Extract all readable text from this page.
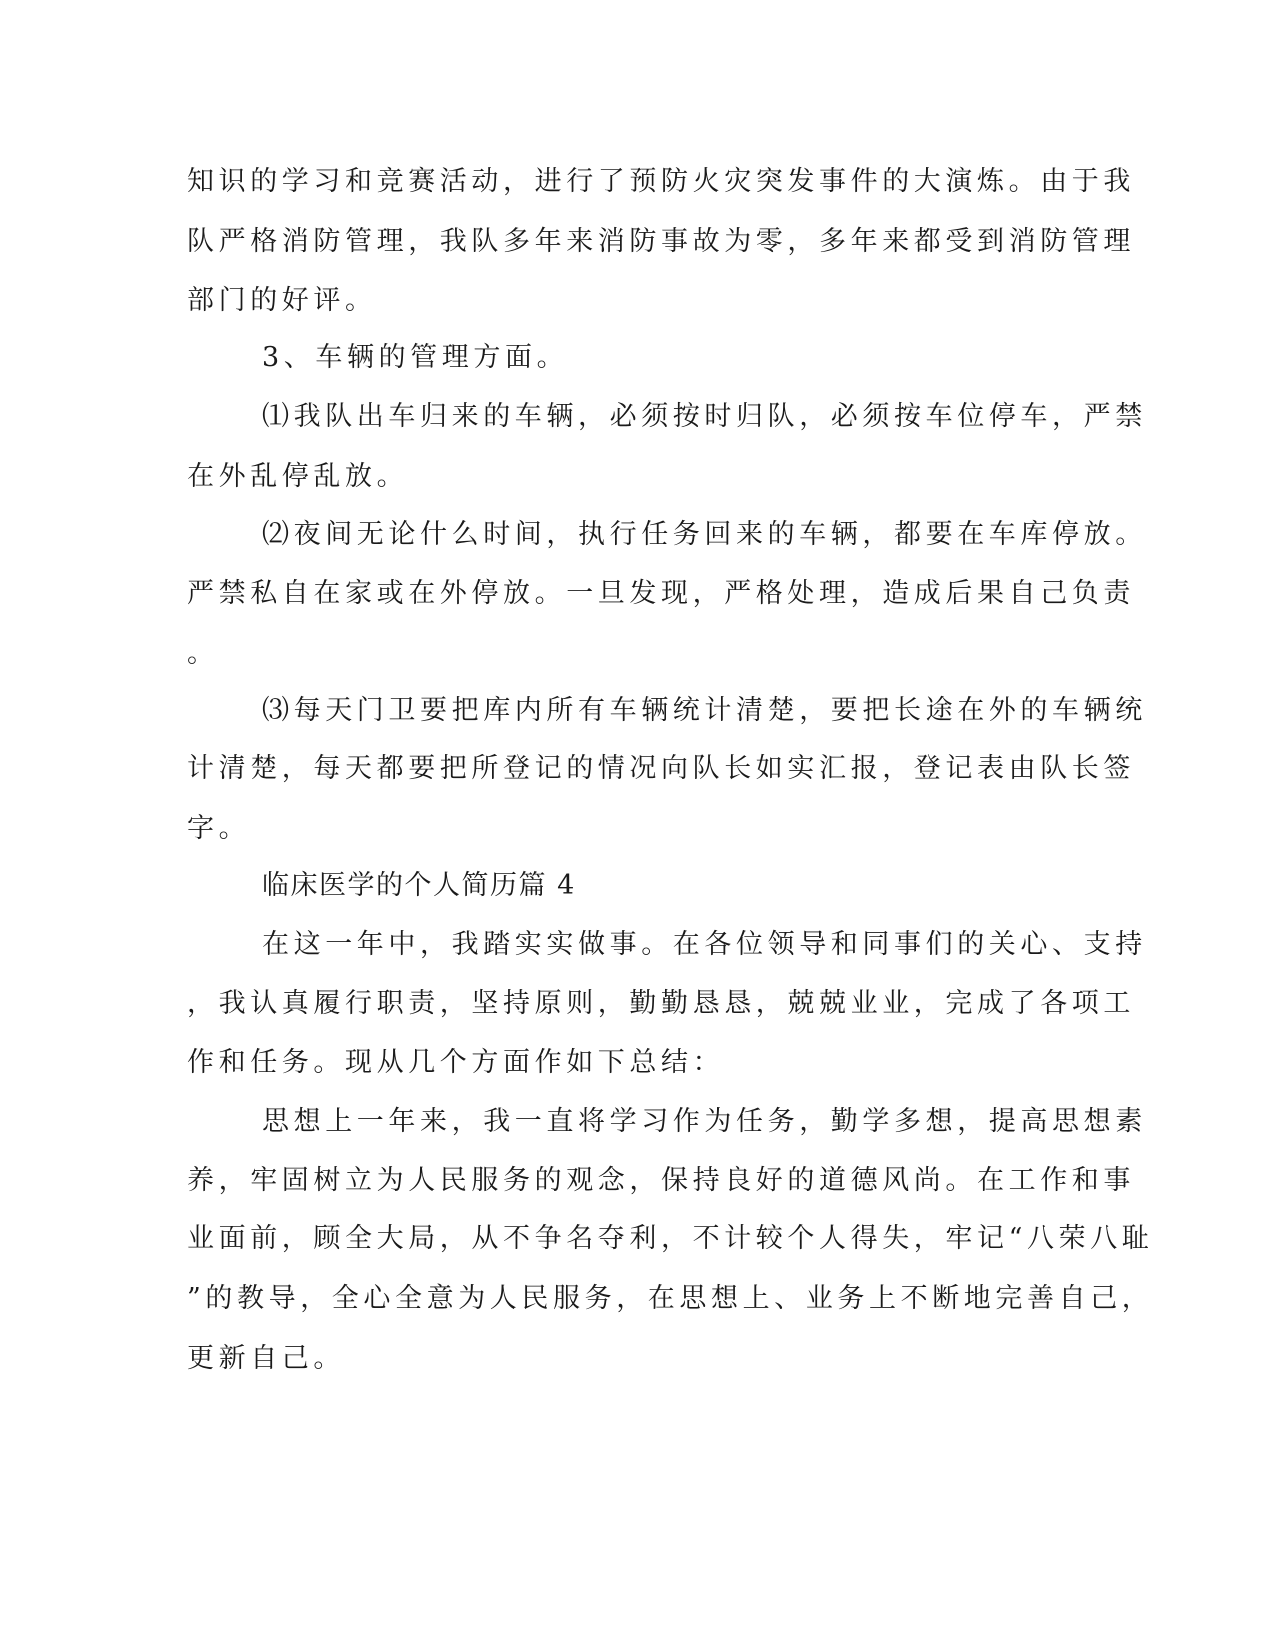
知识的学习和竞赛活动，进行了预防火灾突发事件的大演炼。由于我
队严格消防管理，我队多年来消防事故为零，多年来都受到消防管理
部门的好评。
3、车辆的管理方面。
⑴我队出车归来的车辆，必须按时归队，必须按车位停车，严禁
在外乱停乱放。
⑵夜间无论什么时间，执行任务回来的车辆，都要在车库停放。
严禁私自在家或在外停放。一旦发现，严格处理，造成后果自己负责
。
⑶每天门卫要把库内所有车辆统计清楚，要把长途在外的车辆统
计清楚，每天都要把所登记的情况向队长如实汇报，登记表由队长签
字。
临床医学的个人简历篇 4
在这一年中，我踏实实做事。在各位领导和同事们的关心、支持
，我认真履行职责，坚持原则，勤勤恳恳，兢兢业业，完成了各项工
作和任务。现从几个方面作如下总结：
思想上一年来，我一直将学习作为任务，勤学多想，提高思想素
养，牢固树立为人民服务的观念，保持良好的道德风尚。在工作和事
业面前，顾全大局，从不争名夺利，不计较个人得失，牢记“八荣八耻
”的教导，全心全意为人民服务，在思想上、业务上不断地完善自己，
更新自己。
